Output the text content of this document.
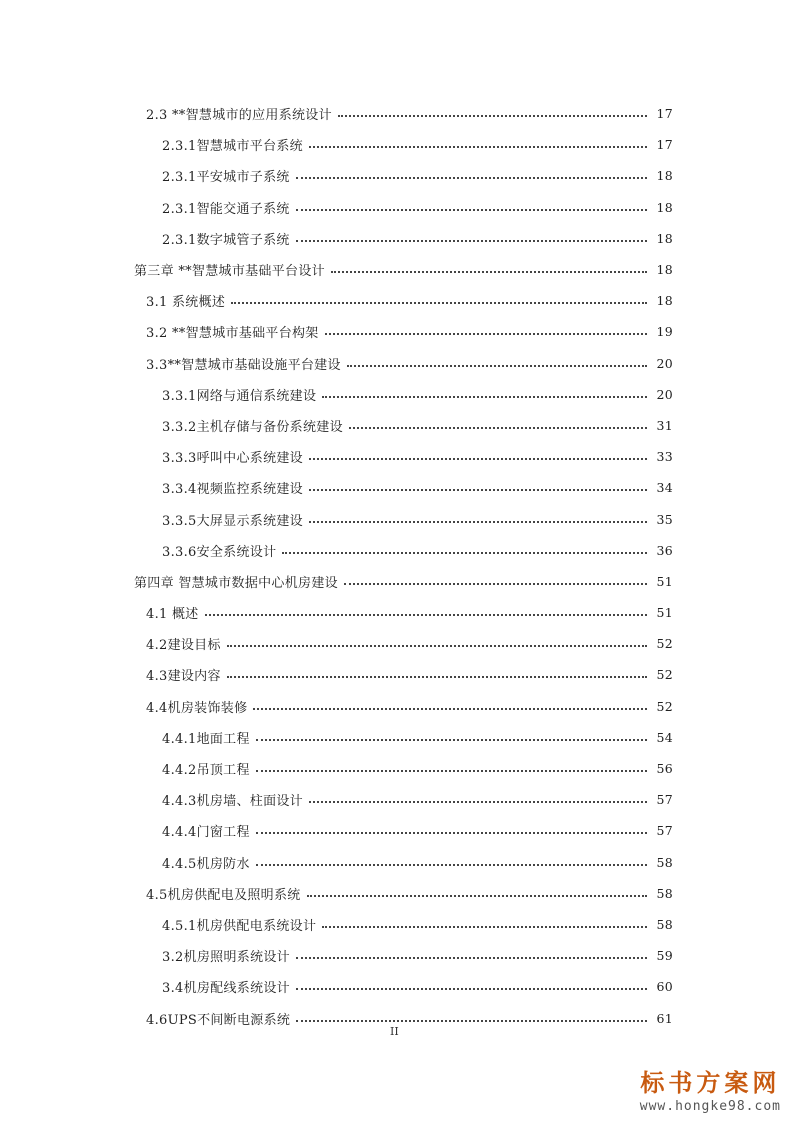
2.3 **智慧城市的应用系统设计	17
2.3.1智慧城市平台系统	17
2.3.1平安城市子系统	18
2.3.1智能交通子系统	18
2.3.1数字城管子系统	18
第三章 **智慧城市基础平台设计	18
3.1 系统概述	18
3.2 **智慧城市基础平台构架	19
3.3**智慧城市基础设施平台建设	20
3.3.1网络与通信系统建设	20
3.3.2主机存储与备份系统建设	31
3.3.3呼叫中心系统建设	33
3.3.4视频监控系统建设	34
3.3.5大屏显示系统建设	35
3.3.6安全系统设计	36
第四章 智慧城市数据中心机房建设	51
4.1 概述	51
4.2建设目标	52
4.3建设内容	52
4.4机房装饰装修	52
4.4.1地面工程	54
4.4.2吊顶工程	56
4.4.3机房墙、柱面设计	57
4.4.4门窗工程	57
4.4.5机房防水	58
4.5机房供配电及照明系统	58
4.5.1机房供配电系统设计	58
3.2机房照明系统设计	59
3.4机房配线系统设计	60
4.6UPS不间断电源系统	61
II
标书方案网
www.hongke98.com
